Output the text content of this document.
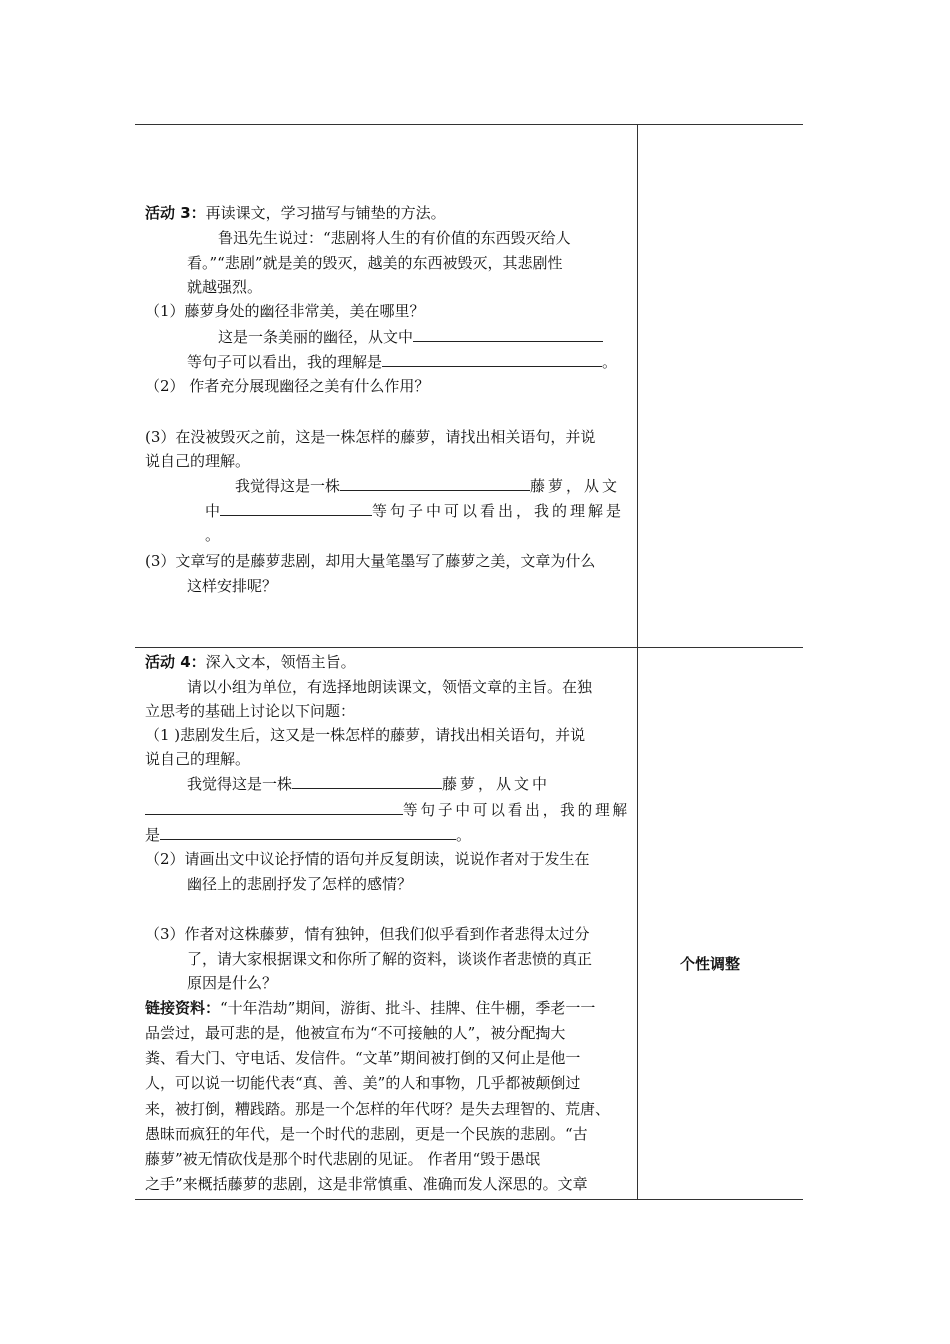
活动 3：再读课文，学习描写与铺垫的方法。
鲁迅先生说过：“悲剧将人生的有价值的东西毁灭给人
看。”“悲剧”就是美的毁灭，越美的东西被毁灭，其悲剧性
就越强烈。
（1）藤萝身处的幽径非常美，美在哪里？
这是一条美丽的幽径，从文中
等句子可以看出，我的理解是	。
（2） 作者充分展现幽径之美有什么作用？
(3）在没被毁灭之前，这是一株怎样的藤萝，请找出相关语句，并说
说自己的理解。
我觉得这是一株	藤萝，从文
中	等句子中可以看出，我的理解是
。
(3）文章写的是藤萝悲剧，却用大量笔墨写了藤萝之美，文章为什么
这样安排呢？
活动 4：深入文本，领悟主旨。
请以小组为单位，有选择地朗读课文，领悟文章的主旨。在独
立思考的基础上讨论以下问题：
（1 )悲剧发生后，这又是一株怎样的藤萝，请找出相关语句，并说
说自己的理解。
我觉得这是一株	藤萝，从文中
等句子中可以看出，我的理解
是	。
（2）请画出文中议论抒情的语句并反复朗读，说说作者对于发生在
幽径上的悲剧抒发了怎样的感情？
（3）作者对这株藤萝，情有独钟，但我们似乎看到作者悲得太过分
了，请大家根据课文和你所了解的资料，谈谈作者悲愤的真正
原因是什么？
链接资料：“十年浩劫”期间，游街、批斗、挂牌、住牛棚，季老一一
品尝过，最可悲的是，他被宣布为“不可接触的人”，被分配掏大
粪、看大门、守电话、发信件。“文革”期间被打倒的又何止是他一
人，可以说一切能代表“真、善、美”的人和事物，几乎都被颠倒过
来，被打倒，糟践踏。那是一个怎样的年代呀？是失去理智的、荒唐、
愚昧而疯狂的年代，是一个时代的悲剧，更是一个民族的悲剧。“古
藤萝”被无情砍伐是那个时代悲剧的见证。 作者用“毁于愚氓
之手”来概括藤萝的悲剧，这是非常慎重、准确而发人深思的。文章
个性调整
